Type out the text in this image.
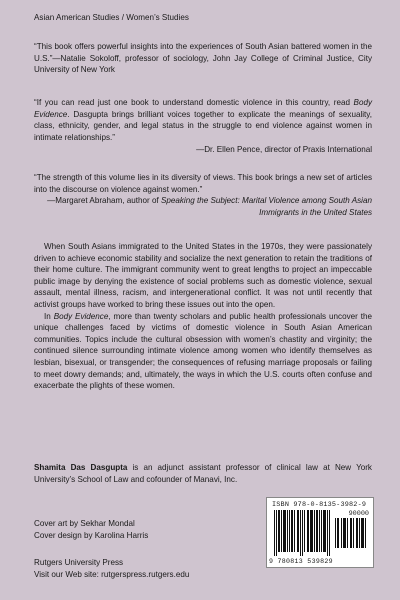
Asian American Studies / Women’s Studies
“This book offers powerful insights into the experiences of South Asian battered women in the U.S.”—Natalie Sokoloff, professor of sociology, John Jay College of Criminal Justice, City University of New York
“If you can read just one book to understand domestic violence in this country, read Body Evidence. Dasgupta brings brilliant voices together to explicate the meanings of sexuality, class, ethnicity, gender, and legal status in the struggle to end violence against women in intimate relationships.”
—Dr. Ellen Pence, director of Praxis International
“The strength of this volume lies in its diversity of views. This book brings a new set of articles into the discourse on violence against women.”
—Margaret Abraham, author of Speaking the Subject: Marital Violence among South Asian Immigrants in the United States
When South Asians immigrated to the United States in the 1970s, they were passionately driven to achieve economic stability and socialize the next generation to retain the traditions of their home culture. The immigrant community went to great lengths to project an impeccable public image by denying the existence of social problems such as domestic violence, sexual assault, mental illness, racism, and intergenerational conflict. It was not until recently that activist groups have worked to bring these issues out into the open.
In Body Evidence, more than twenty scholars and public health professionals uncover the unique challenges faced by victims of domestic violence in South Asian American communities. Topics include the cultural obsession with women’s chastity and virginity; the continued silence surrounding intimate violence among women who identify themselves as lesbian, bisexual, or transgender; the consequences of refusing marriage proposals or failing to meet dowry demands; and, ultimately, the ways in which the U.S. courts often confuse and exacerbate the plights of these women.
Shamita Das Dasgupta is an adjunct assistant professor of clinical law at New York University’s School of Law and cofounder of Manavi, Inc.
Cover art by Sekhar Mondal
Cover design by Karolina Harris
Rutgers University Press
Visit our Web site: rutgerspress.rutgers.edu
ISBN 978-0-8135-3982-9
90000
9 780813 539829
